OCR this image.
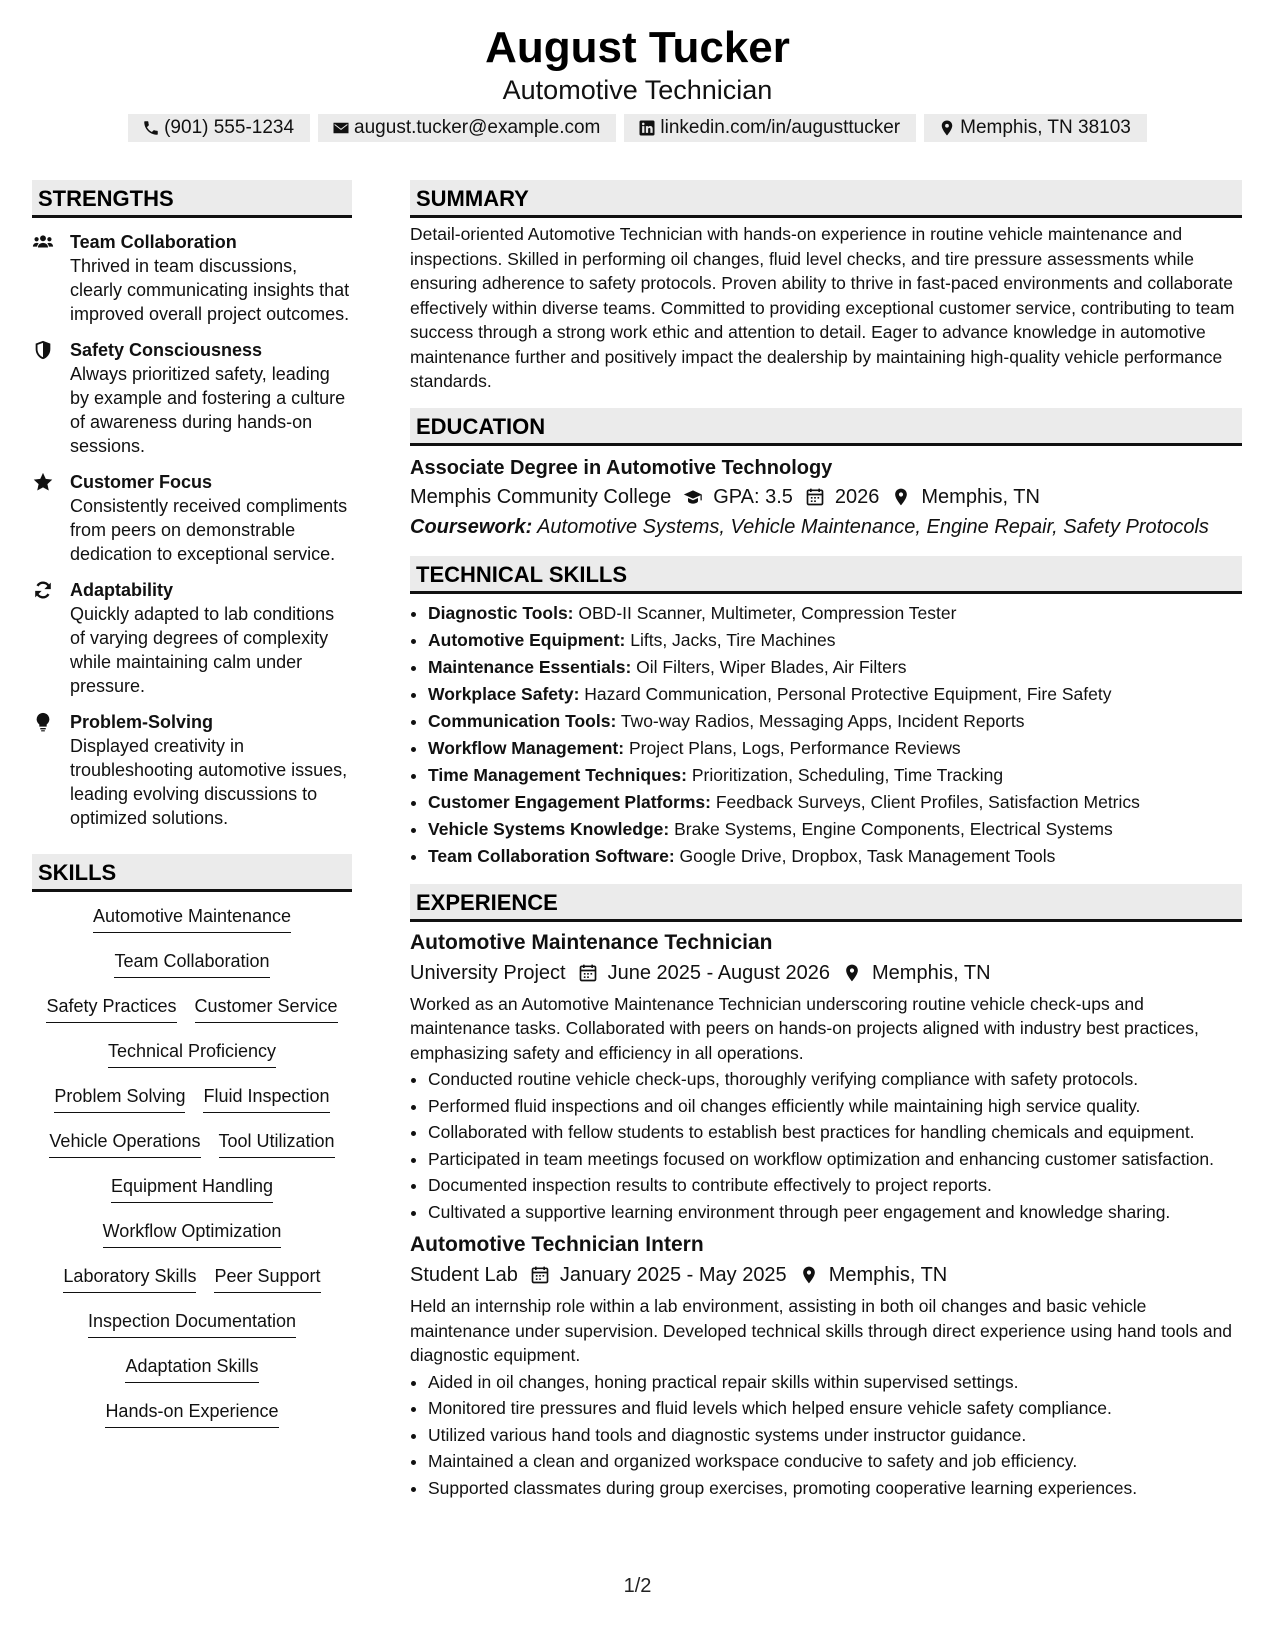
August Tucker
Automotive Technician
(901) 555-1234	august.tucker@example.com	linkedin.com/in/augusttucker	Memphis, TN 38103
STRENGTHS
Team Collaboration
Thrived in team discussions, clearly communicating insights that improved overall project outcomes.
Safety Consciousness
Always prioritized safety, leading by example and fostering a culture of awareness during hands-on sessions.
Customer Focus
Consistently received compliments from peers on demonstrable dedication to exceptional service.
Adaptability
Quickly adapted to lab conditions of varying degrees of complexity while maintaining calm under pressure.
Problem-Solving
Displayed creativity in troubleshooting automotive issues, leading evolving discussions to optimized solutions.
SKILLS
Automotive Maintenance
Team Collaboration
Safety Practices Customer Service
Technical Proficiency
Problem Solving Fluid Inspection
Vehicle Operations Tool Utilization
Equipment Handling
Workflow Optimization
Laboratory Skills Peer Support
Inspection Documentation
Adaptation Skills
Hands-on Experience
SUMMARY
Detail-oriented Automotive Technician with hands-on experience in routine vehicle maintenance and inspections. Skilled in performing oil changes, fluid level checks, and tire pressure assessments while ensuring adherence to safety protocols. Proven ability to thrive in fast-paced environments and collaborate effectively within diverse teams. Committed to providing exceptional customer service, contributing to team success through a strong work ethic and attention to detail. Eager to advance knowledge in automotive maintenance further and positively impact the dealership by maintaining high-quality vehicle performance standards.
EDUCATION
Associate Degree in Automotive Technology
Memphis Community College GPA: 3.5 2026 Memphis, TN
Coursework: Automotive Systems, Vehicle Maintenance, Engine Repair, Safety Protocols
TECHNICAL SKILLS
• Diagnostic Tools: OBD-II Scanner, Multimeter, Compression Tester
• Automotive Equipment: Lifts, Jacks, Tire Machines
• Maintenance Essentials: Oil Filters, Wiper Blades, Air Filters
• Workplace Safety: Hazard Communication, Personal Protective Equipment, Fire Safety
• Communication Tools: Two-way Radios, Messaging Apps, Incident Reports
• Workflow Management: Project Plans, Logs, Performance Reviews
• Time Management Techniques: Prioritization, Scheduling, Time Tracking
• Customer Engagement Platforms: Feedback Surveys, Client Profiles, Satisfaction Metrics
• Vehicle Systems Knowledge: Brake Systems, Engine Components, Electrical Systems
• Team Collaboration Software: Google Drive, Dropbox, Task Management Tools
EXPERIENCE
Automotive Maintenance Technician
University Project June 2025 - August 2026 Memphis, TN
Worked as an Automotive Maintenance Technician underscoring routine vehicle check-ups and maintenance tasks. Collaborated with peers on hands-on projects aligned with industry best practices, emphasizing safety and efficiency in all operations.
• Conducted routine vehicle check-ups, thoroughly verifying compliance with safety protocols.
• Performed fluid inspections and oil changes efficiently while maintaining high service quality.
• Collaborated with fellow students to establish best practices for handling chemicals and equipment.
• Participated in team meetings focused on workflow optimization and enhancing customer satisfaction.
• Documented inspection results to contribute effectively to project reports.
• Cultivated a supportive learning environment through peer engagement and knowledge sharing.
Automotive Technician Intern
Student Lab January 2025 - May 2025 Memphis, TN
Held an internship role within a lab environment, assisting in both oil changes and basic vehicle maintenance under supervision. Developed technical skills through direct experience using hand tools and diagnostic equipment.
• Aided in oil changes, honing practical repair skills within supervised settings.
• Monitored tire pressures and fluid levels which helped ensure vehicle safety compliance.
• Utilized various hand tools and diagnostic systems under instructor guidance.
• Maintained a clean and organized workspace conducive to safety and job efficiency.
• Supported classmates during group exercises, promoting cooperative learning experiences.
1/2
